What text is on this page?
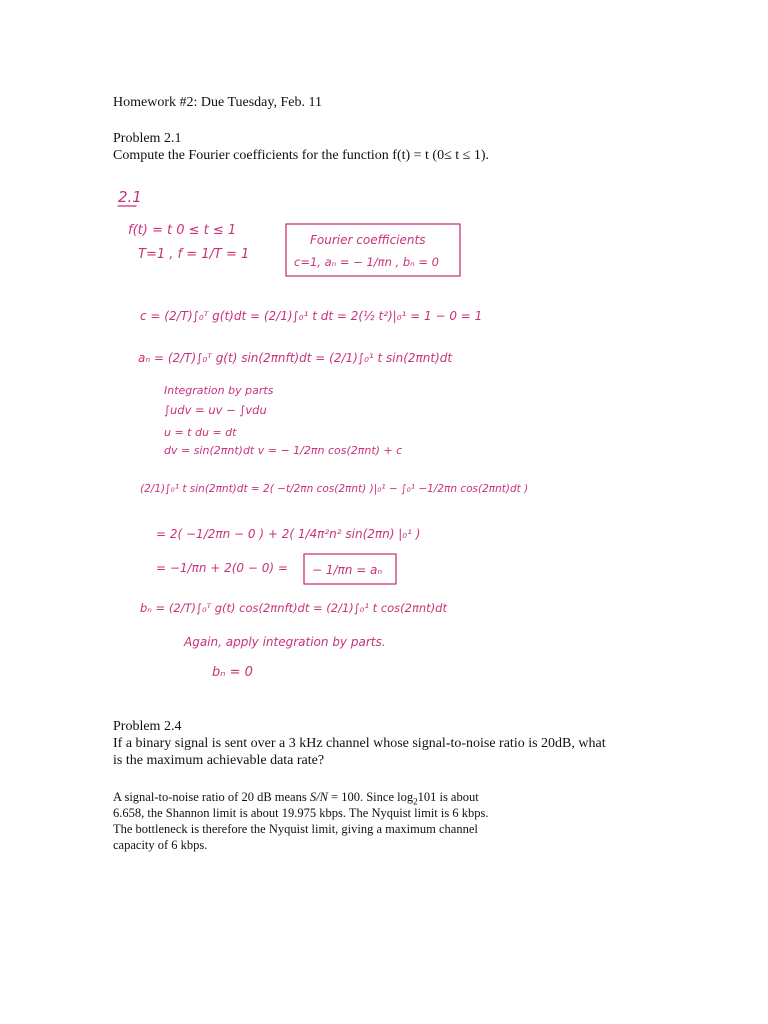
Homework #2: Due Tuesday, Feb. 11
Problem 2.1
Compute the Fourier coefficients for the function f(t) = t (0≤ t ≤ 1).
2.1
f(t) = t 0 ≤ t ≤ 1
T=1 , f = 1/T = 1
Fourier coefficients
c=1, aₙ = − 1/πn , bₙ = 0
c = (2/T)∫₀ᵀ g(t)dt = (2/1)∫₀¹ t dt = 2(½ t²)|₀¹ = 1 − 0 = 1
aₙ = (2/T)∫₀ᵀ g(t) sin(2πnft)dt = (2/1)∫₀¹ t sin(2πnt)dt
Integration by parts
∫udv = uv − ∫vdu
u = t du = dt
dv = sin(2πnt)dt v = − 1/2πn cos(2πnt) + c
(2/1)∫₀¹ t sin(2πnt)dt = 2( −t/2πn cos(2πnt) )|₀¹ − ∫₀¹ −1/2πn cos(2πnt)dt )
= 2( −1/2πn − 0 ) + 2( 1/4π²n² sin(2πn) |₀¹ )
= −1/πn + 2(0 − 0) = − 1/πn = aₙ
bₙ = (2/T)∫₀ᵀ g(t) cos(2πnft)dt = (2/1)∫₀¹ t cos(2πnt)dt
Again, apply integration by parts.
bₙ = 0
Problem 2.4
If a binary signal is sent over a 3 kHz channel whose signal-to-noise ratio is 20dB, what
is the maximum achievable data rate?
A signal-to-noise ratio of 20 dB means S/N = 100. Since $\log_2101$ is about
6.658, the Shannon limit is about 19.975 kbps. The Nyquist limit is 6 kbps.
The bottleneck is therefore the Nyquist limit, giving a maximum channel
capacity of 6 kbps.
